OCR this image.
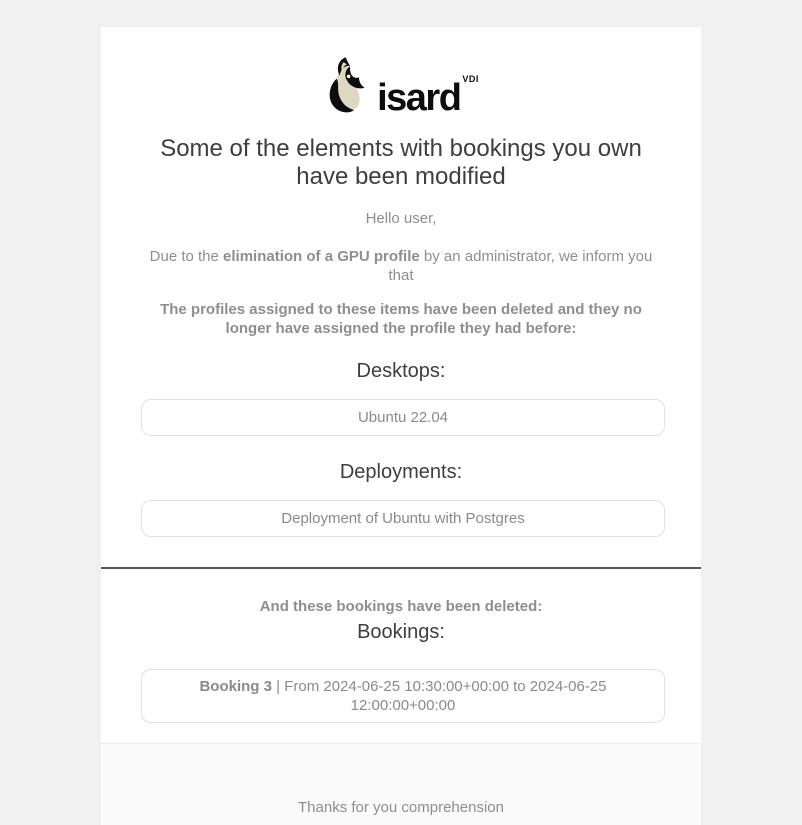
isard VDI
Some of the elements with bookings you own have been modified

Hello user,

Due to the elimination of a GPU profile by an administrator, we inform you that

The profiles assigned to these items have been deleted and they no longer have assigned the profile they had before:

Desktops:
Ubuntu 22.04
Deployments:
Deployment of Ubuntu with Postgres

And these bookings have been deleted:

Bookings:
Booking 3 | From 2024-06-25 10:30:00+00:00 to 2024-06-25 12:00:00+00:00

Thanks for you comprehension
